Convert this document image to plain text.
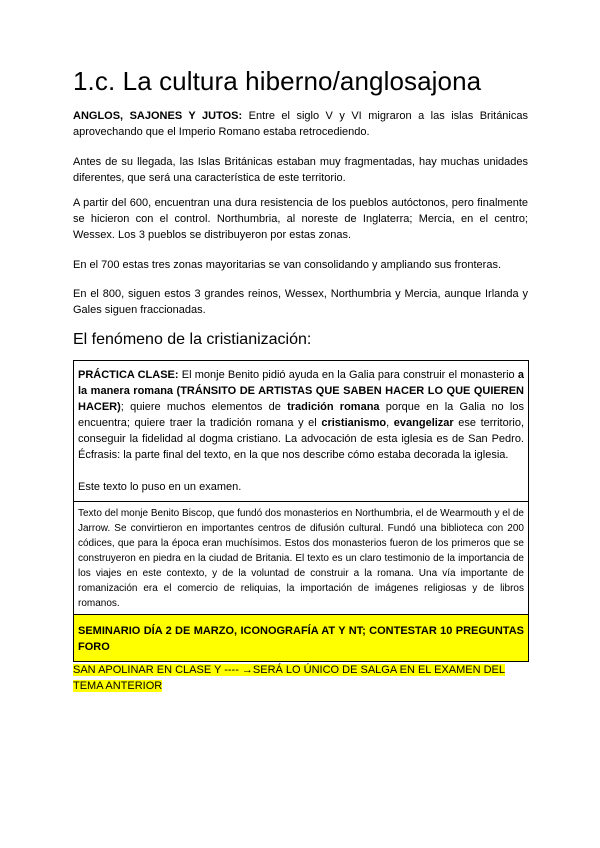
1.c. La cultura hiberno/anglosajona

ANGLOS, SAJONES Y JUTOS: Entre el siglo V y VI migraron a las islas Británicas aprovechando que el Imperio Romano estaba retrocediendo.

Antes de su llegada, las Islas Británicas estaban muy fragmentadas, hay muchas unidades diferentes, que será una característica de este territorio.

A partir del 600, encuentran una dura resistencia de los pueblos autóctonos, pero finalmente se hicieron con el control. Northumbria, al noreste de Inglaterra; Mercia, en el centro; Wessex. Los 3 pueblos se distribuyeron por estas zonas.

En el 700 estas tres zonas mayoritarias se van consolidando y ampliando sus fronteras.

En el 800, siguen estos 3 grandes reinos, Wessex, Northumbria y Mercia, aunque Irlanda y Gales siguen fraccionadas.

El fenómeno de la cristianización:
PRÁCTICA CLASE: El monje Benito pidió ayuda en la Galia para construir el monasterio a la manera romana (TRÁNSITO DE ARTISTAS QUE SABEN HACER LO QUE QUIEREN HACER); quiere muchos elementos de tradición romana porque en la Galia no los encuentra; quiere traer la tradición romana y el cristianismo, evangelizar ese territorio, conseguir la fidelidad al dogma cristiano. La advocación de esta iglesia es de San Pedro. Écfrasis: la parte final del texto, en la que nos describe cómo estaba decorada la iglesia.
Este texto lo puso en un examen.
Texto del monje Benito Biscop, que fundó dos monasterios en Northumbria, el de Wearmouth y el de Jarrow. Se convirtieron en importantes centros de difusión cultural. Fundó una biblioteca con 200 códices, que para la época eran muchísimos. Estos dos monasterios fueron de los primeros que se construyeron en piedra en la ciudad de Britania. El texto es un claro testimonio de la importancia de los viajes en este contexto, y de la voluntad de construir a la romana. Una vía importante de romanización era el comercio de reliquias, la importación de imágenes religiosas y de libros romanos.
SEMINARIO DÍA 2 DE MARZO, ICONOGRAFÍA AT Y NT; CONTESTAR 10 PREGUNTAS FORO

SAN APOLINAR EN CLASE Y ---- →SERÁ LO ÚNICO DE SALGA EN EL EXAMEN DEL TEMA ANTERIOR
